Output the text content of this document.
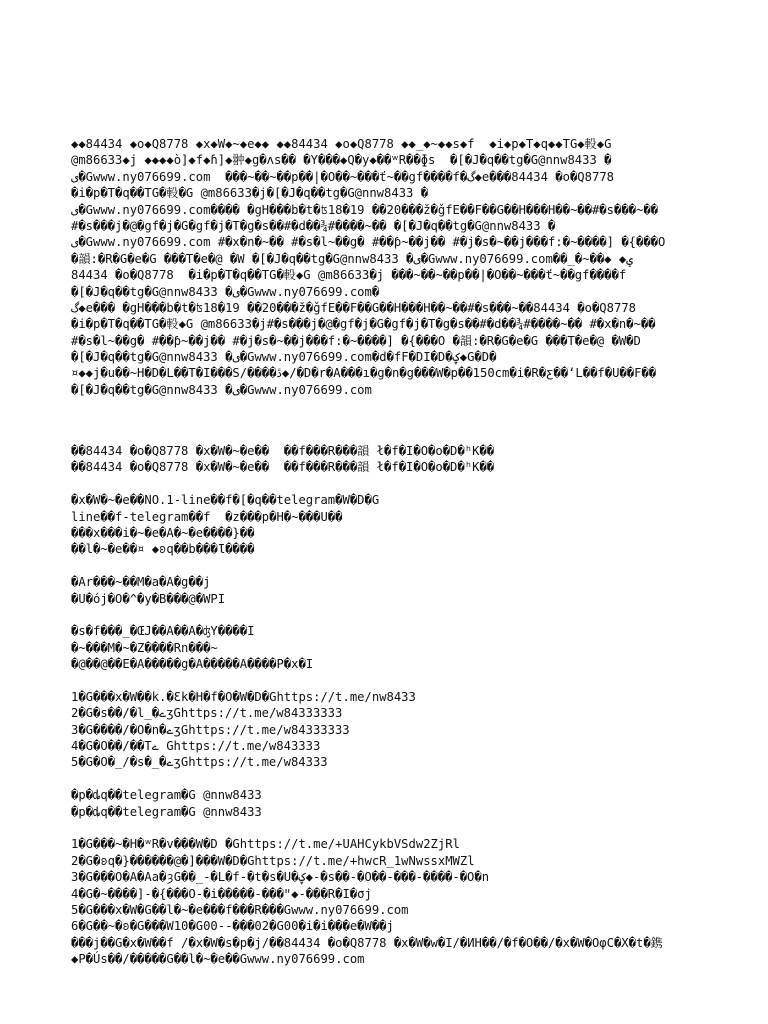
◆◆84434 ◆o◆Q8778 ◆x◆W◆~◆e◆◆ ◆◆84434 ◆o◆Q8778 ◆◆_◆~◆◆s◆f  ◆i◆p◆T◆q◆◆TG◆軗◆G
@m86633◆j ◆◆◆◆ò]◆f◆ɦ]◆翀◆g�ʌs�� �Y���◆Q�y◆��ʷR��ɸs  �[�J�q��tg�G@nnw8433 �
ی�Gwww.ny076699.com  ���~��~��p��|�O��~���ť~��gf����f�گ◆e���84434 �o�Q8778
�i�p�T�q��TG�軗�G @m86633�j�[�J�q��tg�G@nnw8433 �
ی�Gwww.ny076699.com���� �gH���b�t�ʦ18�19 ��20���ž�ǧfE��F��G��H���H��~��#�s���~��
#�s���j�@�gf�j�G�gf�j�T�g�s��#�d��¾#����~�� �[�J�q��tg�G@nnw8433 �
ی�Gwww.ny076699.com #�x�n�~�� #�s�l~��g� #��ƥ~��j�� #�j�s�~��j���f:�~����] �{���O
�韻:�R�G�e�G ���T�e�@ �W �[�J�q��tg�G@nnw8433 �ی�Gwww.ny076699.com��_�~��◆ ◆ؠ
84434 �o�Q8778  �i�p�T�q��TG�軗◆G @m86633�j ���~��~��p��|�O��~���ť~��gf����f
�[�J�q��tg�G@nnw8433 �ی�Gwww.ny076699.com�
گ◆e��� �gH���b�t�ʦ18�19 ��20���ž�ǧfE��F��G��H���H��~��#�s���~��84434 �o�Q8778
�i�p�T�q��TG�軗◆G @m86633�j#�s���j�@�gf�j�G�gf�j�T�g�s��#�d��¾#����~�� #�x�n�~��
#�s�l~��g� #��ƥ~��j�� #�j�s�~��j���f:�~����] �{���O �韻:�R�G�e�G ���T�e�@ �W�D
�[�J�q��tg�G@nnw8433 �ی�Gwww.ny076699.com�d�fF�DI�D�ؼ◆G�D�
¤◆◆j�u��~H�D�L��T�I���S/����ڐ◆/�D�r�A���ı�g�n�g���W�p��150cm�i�R�ƹ��ʻL��f�U��F��
�[�J�q��tg�G@nnw8433 �ی�Gwww.ny076699.com
��84434 �o�Q8778 �x�W�~�e��  ��f���R���韻 ł�f�I�O�o�D�ʰK��
��84434 �o�Q8778 �x�W�~�e��  ��f���R���韻 ł�f�I�O�o�D�ʰK��
�x�W�~�e��NO.1-line��f�[�q��telegram�W�D�G
line��f-telegram��f  �z���p�H�~���U��
���x���i�~�e�A�~�e����}��
��l�~�e��¤ ◆ʚq��b���Ɩ����
�Ar���~��M�a�A�g��j
�U�ój�O�^�y�B���@�WPI
�s�f���_�ŒJ��A��A�ʤY����I
�~���M�~�Ζ����Rn���~
�@��@��E�A�����g�A�����A����P�x�I
1�G���x�W��k.�Ɛk�H�f�O�W�D�Ghttps://t.me/nw8433
2�G�s��/�l_�ےʒGhttps://t.me/w84333333
3�G����/�O�n�ےʒGhttps://t.me/w84333333
4�G�O��/��Tے Ghttps://t.me/w843333
5�G�O�_/�s�_�ےʒGhttps://t.me/w84333
�p�ȡq��telegram�G @nnw8433
�p�ȡq��telegram�G @nnw8433
1�G���~�H�ʷR�v���W�D �Ghttps://t.me/+UAHCykbVSdw2ZjRl
2�G�ʚq�}������@�]���W�D�Ghttps://t.me/+hwcR_1wNwssxMWZl
3�G���O�A�Aa�ȝG��_-�L�f-�t�s�U�ؼ◆-�s��-�O��-���-����-�O�n
4�G�~����]-�{���O-�i�����-���ʺ◆-���R�I�σj
5�G���x�W�G��l�~�e���f���R���Gwww.ny076699.com
6�G��~�ʚ�G���W10�G00--���02�G00�i�i���e�W��j
���j��G�x�W��f /�x�W�s�p�j/��84434 �o�Q8778 �x�W�w�I/�ИH��/�f�O��/�x�W�OφC�X�t�鎸
◆P�Ús��/�����G��l�~�e��Gwww.ny076699.com
